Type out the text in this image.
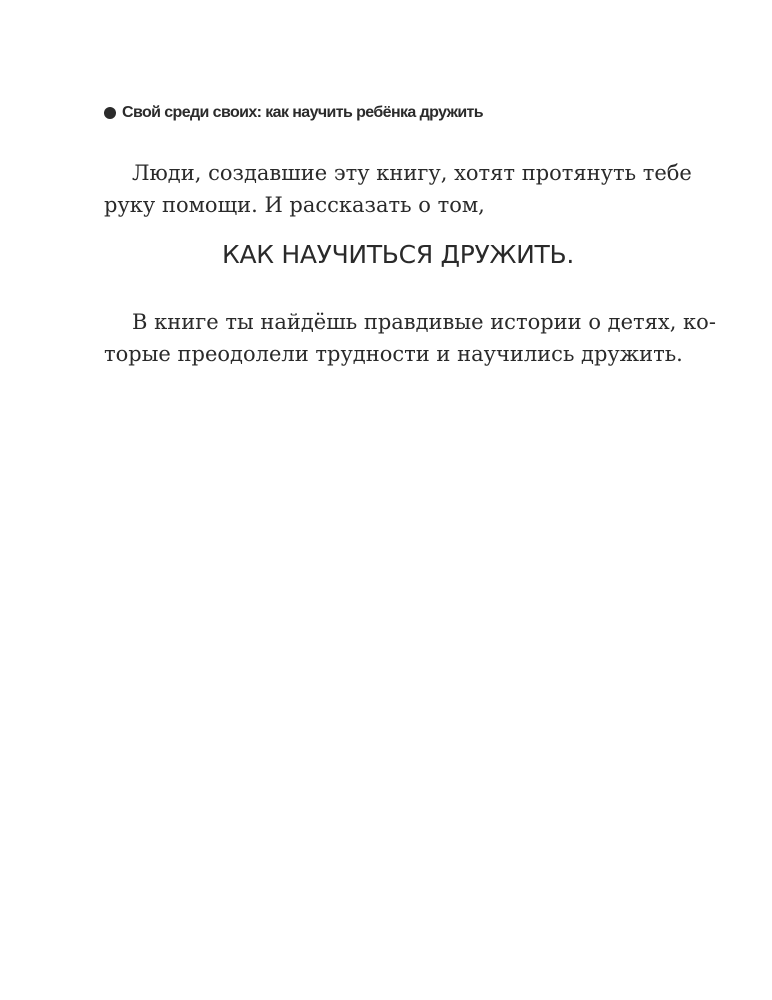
Свой среди своих: как научить ребёнка дружить
Люди, создавшие эту книгу, хотят протянуть тебе
руку помощи. И рассказать о том,
КАК НАУЧИТЬСЯ ДРУЖИТЬ.
В книге ты найдёшь правдивые истории о детях, ко-
торые преодолели трудности и научились дружить.
